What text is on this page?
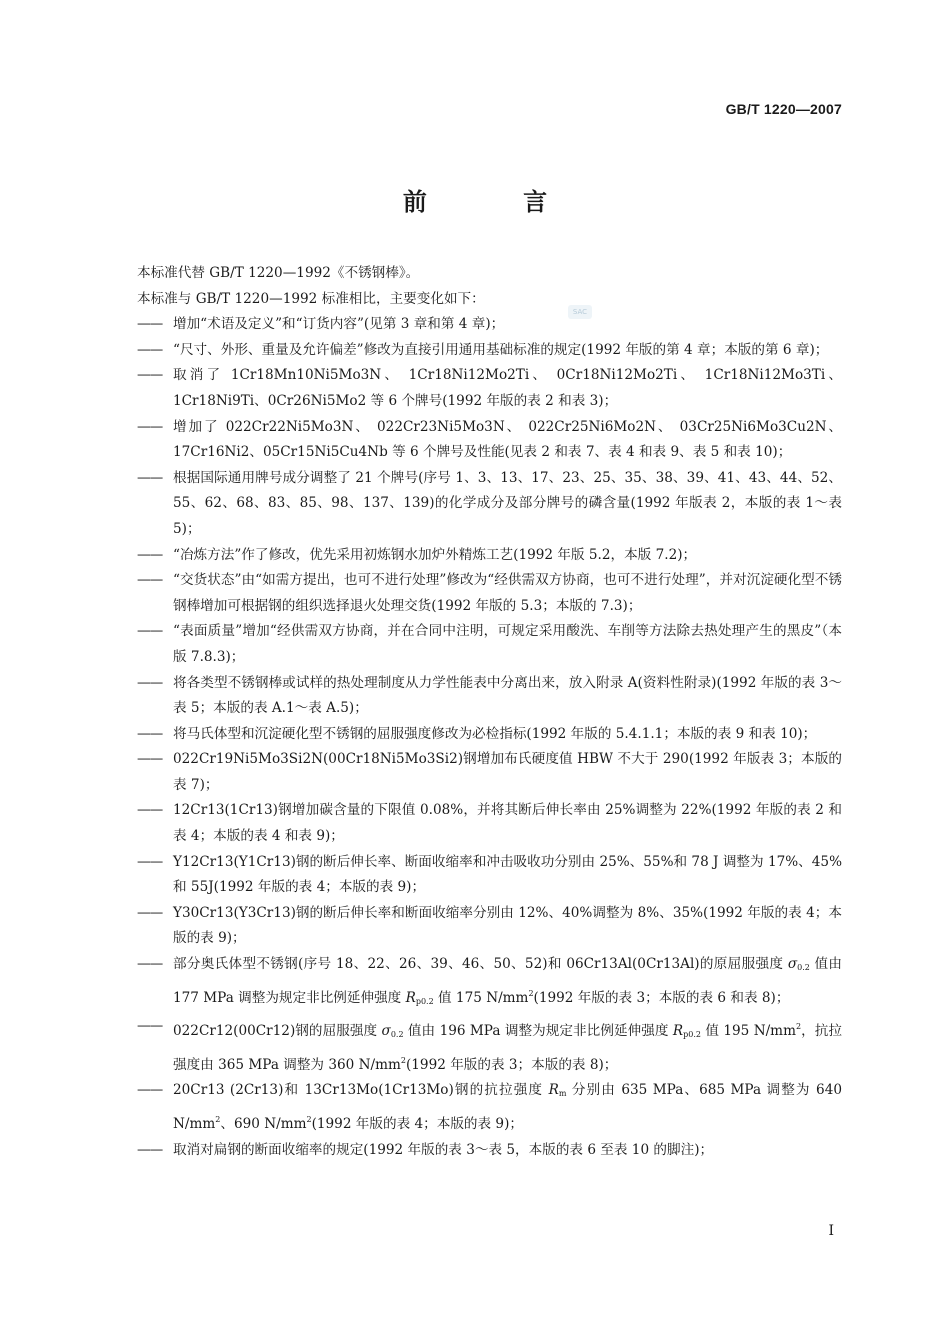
GB/T 1220—2007
前 言
SAC

本标准代替 GB/T 1220—1992《不锈钢棒》。

本标准与 GB/T 1220—1992 标准相比，主要变化如下：

—— 增加“术语及定义”和“订货内容”(见第 3 章和第 4 章)；

—— “尺寸、外形、重量及允许偏差”修改为直接引用通用基础标准的规定(1992 年版的第 4 章；本版的第 6 章)；

—— 取消了 1Cr18Mn10Ni5Mo3N、 1Cr18Ni12Mo2Ti、 0Cr18Ni12Mo2Ti、 1Cr18Ni12Mo3Ti、1Cr18Ni9Ti、0Cr26Ni5Mo2 等 6 个牌号(1992 年版的表 2 和表 3)；

—— 增加了 022Cr22Ni5Mo3N、 022Cr23Ni5Mo3N、 022Cr25Ni6Mo2N、 03Cr25Ni6Mo3Cu2N、17Cr16Ni2、05Cr15Ni5Cu4Nb 等 6 个牌号及性能(见表 2 和表 7、表 4 和表 9、表 5 和表 10)；

—— 根据国际通用牌号成分调整了 21 个牌号(序号 1、3、13、17、23、25、35、38、39、41、43、44、52、55、62、68、83、85、98、137、139)的化学成分及部分牌号的磷含量(1992 年版表 2，本版的表 1～表 5)；

—— “冶炼方法”作了修改，优先采用初炼钢水加炉外精炼工艺(1992 年版 5.2，本版 7.2)；

—— “交货状态”由“如需方提出，也可不进行处理”修改为“经供需双方协商，也可不进行处理”，并对沉淀硬化型不锈钢棒增加可根据钢的组织选择退火处理交货(1992 年版的 5.3；本版的 7.3)；

—— “表面质量”增加“经供需双方协商，并在合同中注明，可规定采用酸洗、车削等方法除去热处理产生的黑皮”（本版 7.8.3)；

—— 将各类型不锈钢棒或试样的热处理制度从力学性能表中分离出来，放入附录 A(资料性附录)(1992 年版的表 3～表 5；本版的表 A.1～表 A.5)；

—— 将马氏体型和沉淀硬化型不锈钢的屈服强度修改为必检指标(1992 年版的 5.4.1.1；本版的表 9 和表 10)；

—— 022Cr19Ni5Mo3Si2N(00Cr18Ni5Mo3Si2)钢增加布氏硬度值 HBW 不大于 290(1992 年版表 3；本版的表 7)；

—— 12Cr13(1Cr13)钢增加碳含量的下限值 0.08%，并将其断后伸长率由 25%调整为 22%(1992 年版的表 2 和表 4；本版的表 4 和表 9)；

—— Y12Cr13(Y1Cr13)钢的断后伸长率、断面收缩率和冲击吸收功分别由 25%、55%和 78 J 调整为 17%、45%和 55J(1992 年版的表 4；本版的表 9)；

—— Y30Cr13(Y3Cr13)钢的断后伸长率和断面收缩率分别由 12%、40%调整为 8%、35%(1992 年版的表 4；本版的表 9)；

—— 部分奥氏体型不锈钢(序号 18、22、26、39、46、50、52)和 06Cr13Al(0Cr13Al)的原屈服强度 $\sigma_{0.2}$ 值由 177 MPa 调整为规定非比例延伸强度 $R_{p0.2}$ 值 175 $N/mm^2(1992$ 年版的表 3；本版的表 6 和表 8)；

—— 022Cr12(00Cr12)钢的屈服强度 $\sigma_{0.2}$ 值由 196 MPa 调整为规定非比例延伸强度 $R_{p0.2}$ 值 195 $N/mm^2$，抗拉强度由 365 MPa 调整为 360 $N/mm^2(1992$ 年版的表 3；本版的表 8)；

—— 20Cr13 (2Cr13)和 13Cr13Mo(1Cr13Mo)钢的抗拉强度 $R_m$ 分别由 635 MPa、685 MPa 调整为 640 $N/mm^2$、690 $N/mm^2(1992$ 年版的表 4；本版的表 9)；

—— 取消对扁钢的断面收缩率的规定(1992 年版的表 3～表 5，本版的表 6 至表 10 的脚注)；

I
